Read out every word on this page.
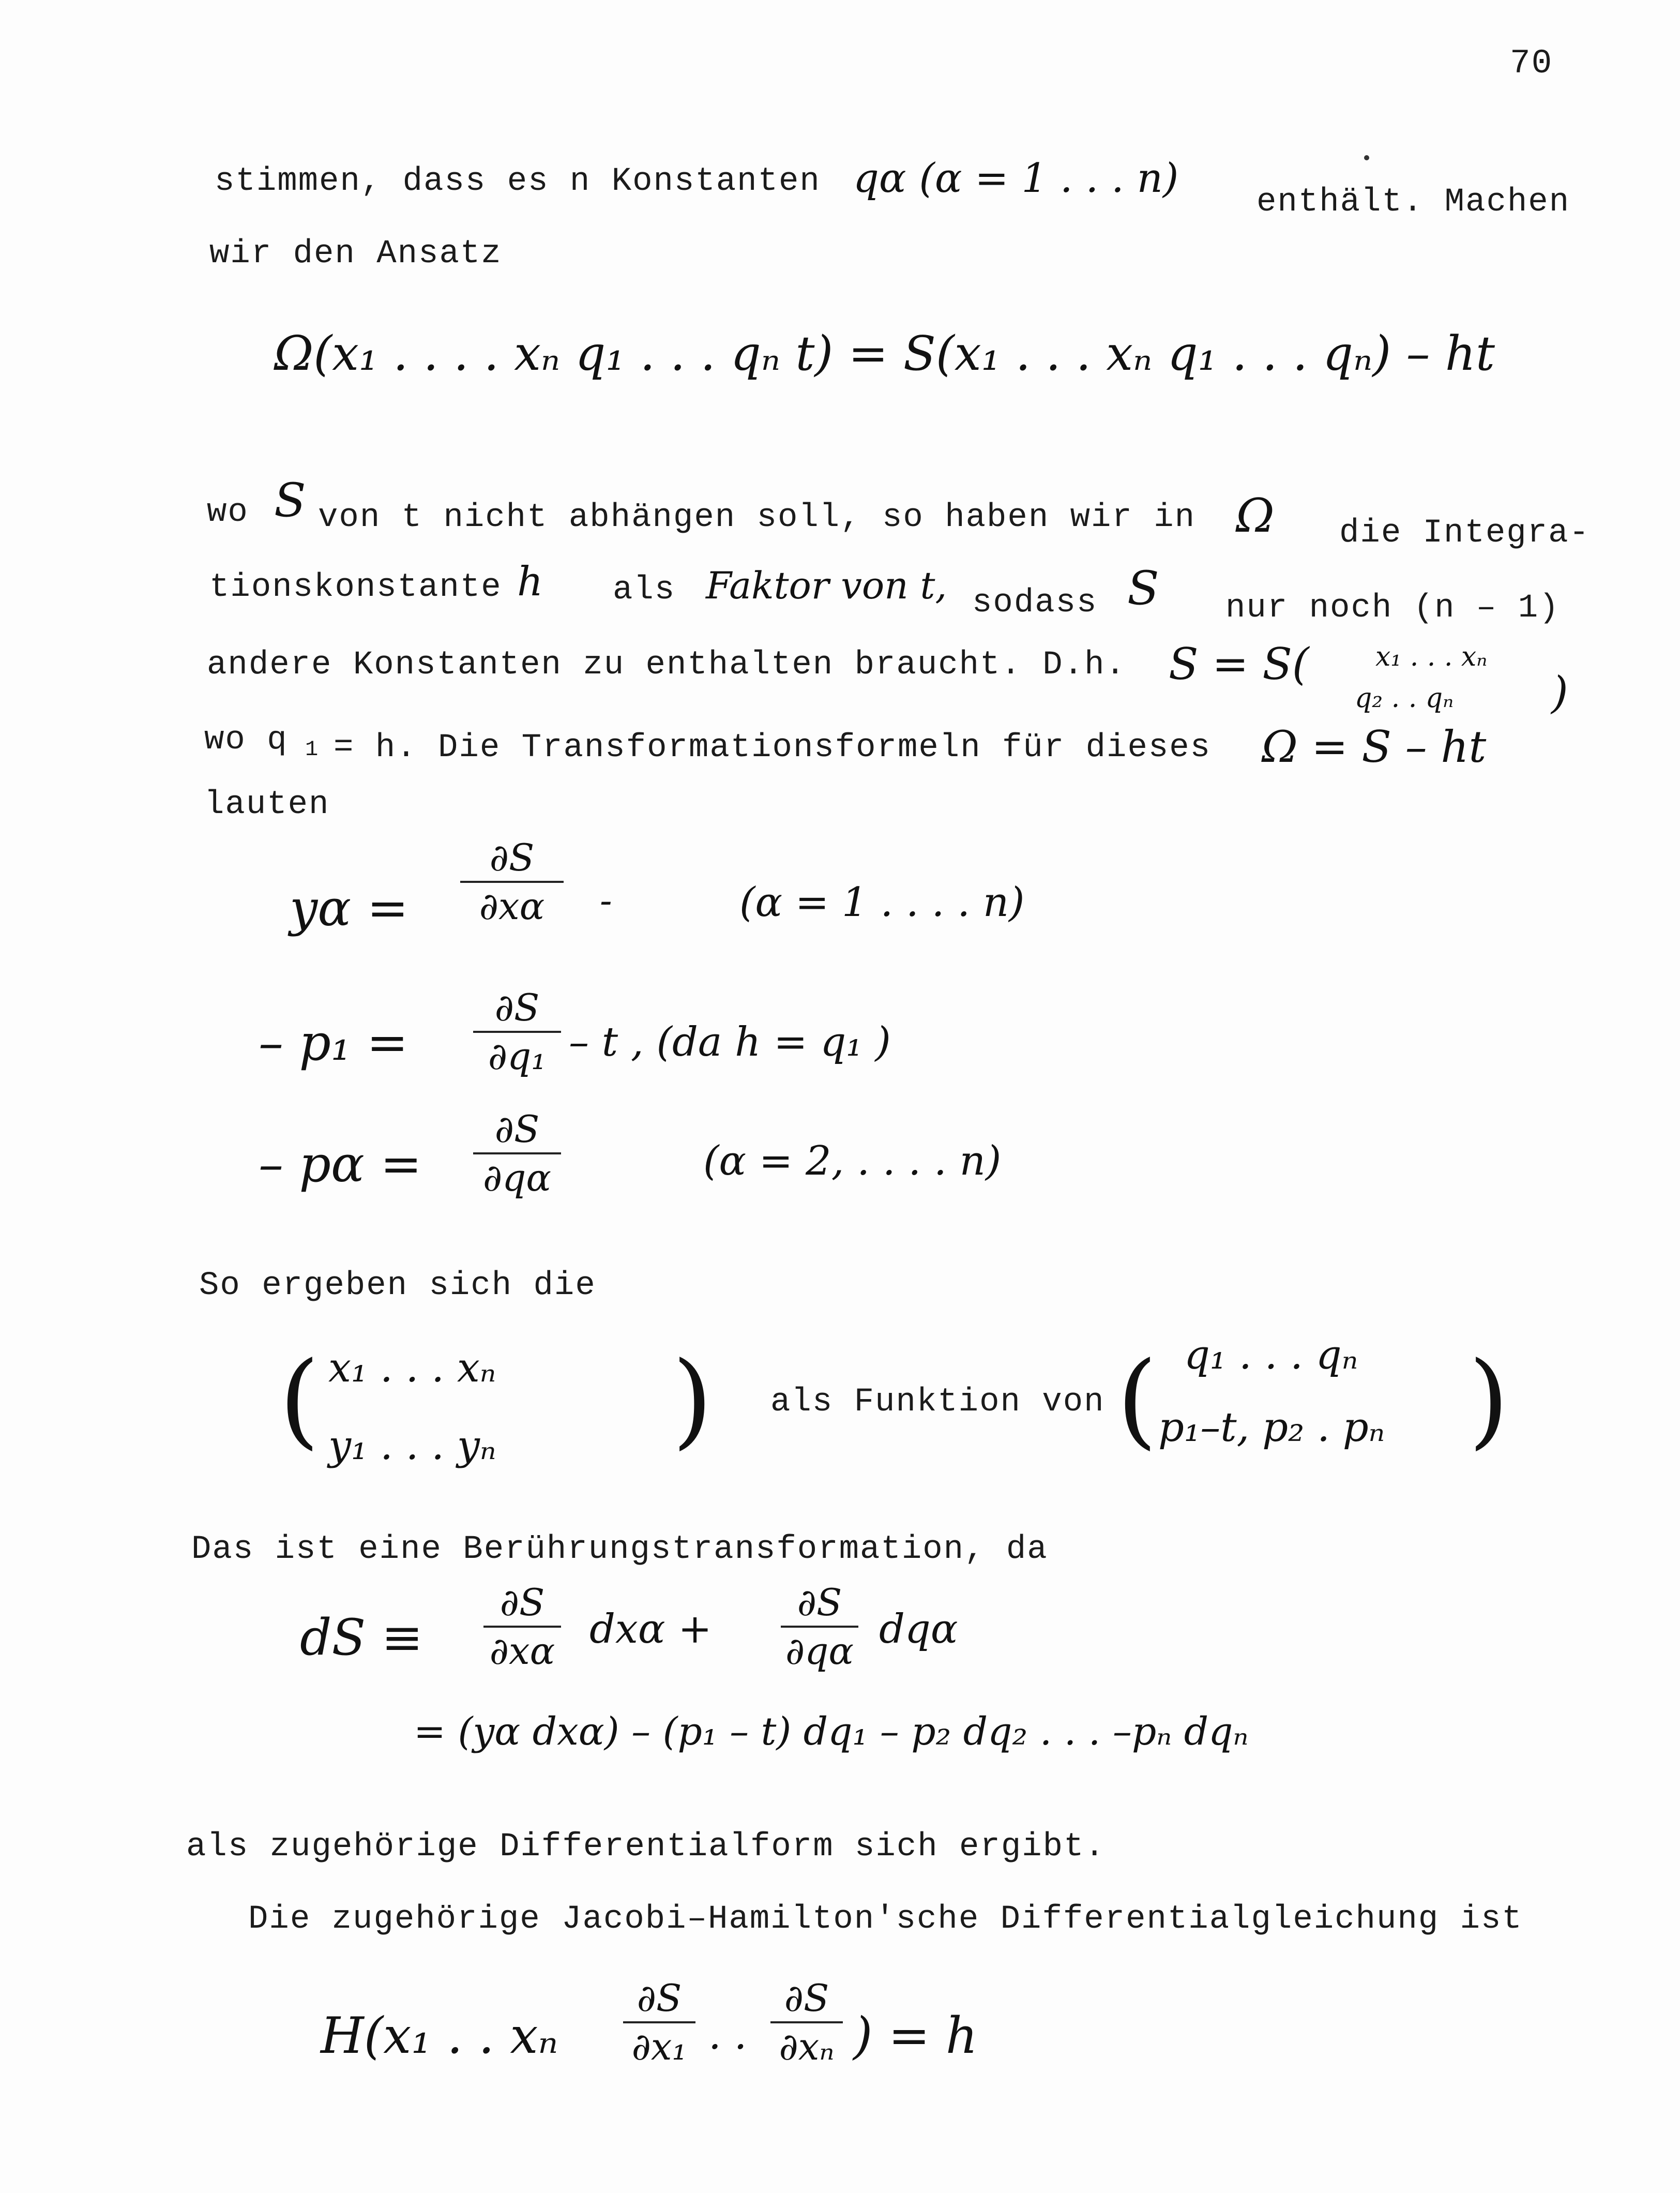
70
stimmen, dass es n Konstanten qα (α = 1 . . . n)
enthält. Machen
wir den Ansatz
Ω(x₁ . . . . xₙ q₁ . . . qₙ t) = S(x₁ . . . xₙ q₁ . . . qₙ) – ht
wo S von t nicht abhängen soll, so haben wir in Ω die Integra-
tionskonstante h als Faktor von t, sodass S nur noch (n – 1)
andere Konstanten zu enthalten braucht. D.h. S = S( x₁ . . . xₙ
q₂ . . qₙ )
wo q 1 = h. Die Transformationsformeln für dieses Ω = S – ht
lauten
yα =
∂S
∂xα	-	(α = 1 . . . . n)
– p₁ =
∂S
∂q₁ – t , (da h = q₁ )
– pα =
∂S
∂qα	(α = 2, . . . . n)
So ergeben sich die
( x₁ . . . xₙ
y₁ . . . yₙ ) als Funktion von ( q₁ . . . qₙ
p₁–t, p₂ . pₙ )
Das ist eine Berührungstransformation, da
dS ≡
∂S
∂xα dxα +
∂S
∂qα dqα
= (yα dxα) – (p₁ – t) dq₁ – p₂ dq₂ . . . –pₙ dqₙ
als zugehörige Differentialform sich ergibt.
Die zugehörige Jacobi–Hamilton'sche Differentialgleichung ist
H(x₁ . . xₙ
∂S
∂x₁ . .
∂S
∂xₙ ) = h
